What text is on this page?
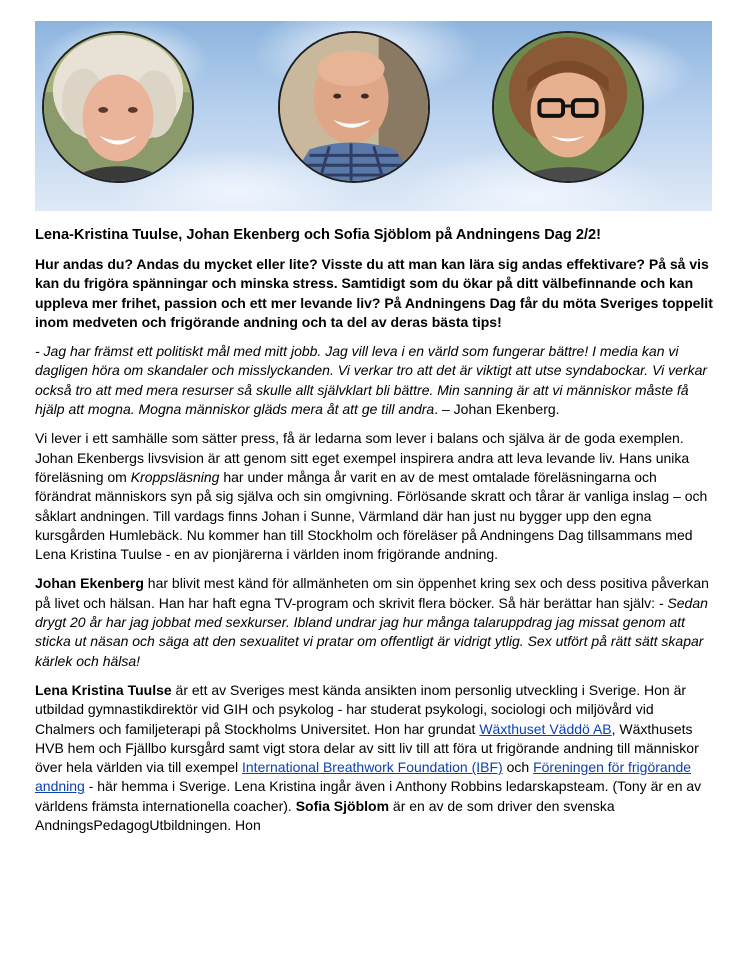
Lena-Kristina Tuulse, Johan Ekenberg och Sofia Sjöblom på Andningens Dag 2/2!

Hur andas du? Andas du mycket eller lite? Visste du att man kan lära sig andas effektivare? På så vis kan du frigöra spänningar och minska stress. Samtidigt som du ökar på ditt välbefinnande och kan uppleva mer frihet, passion och ett mer levande liv? På Andningens Dag får du möta Sveriges toppelit inom medveten och frigörande andning och ta del av deras bästa tips!

- Jag har främst ett politiskt mål med mitt jobb. Jag vill leva i en värld som fungerar bättre! I media kan vi dagligen höra om skandaler och misslyckanden. Vi verkar tro att det är viktigt att utse syndabockar. Vi verkar också tro att med mera resurser så skulle allt självklart bli bättre. Min sanning är att vi människor måste få hjälp att mogna. Mogna människor gläds mera åt att ge till andra. – Johan Ekenberg.

Vi lever i ett samhälle som sätter press, få är ledarna som lever i balans och själva är de goda exemplen. Johan Ekenbergs livsvision är att genom sitt eget exempel inspirera andra att leva levande liv. Hans unika föreläsning om Kroppsläsning har under många år varit en av de mest omtalade föreläsningarna och förändrat människors syn på sig själva och sin omgivning. Förlösande skratt och tårar är vanliga inslag – och såklart andningen. Till vardags finns Johan i Sunne, Värmland där han just nu bygger upp den egna kursgården Humlebäck. Nu kommer han till Stockholm och föreläser på Andningens Dag tillsammans med Lena Kristina Tuulse - en av pionjärerna i världen inom frigörande andning.

Johan Ekenberg har blivit mest känd för allmänheten om sin öppenhet kring sex och dess positiva påverkan på livet och hälsan. Han har haft egna TV-program och skrivit flera böcker. Så här berättar han själv: - Sedan drygt 20 år har jag jobbat med sexkurser. Ibland undrar jag hur många talaruppdrag jag missat genom att sticka ut näsan och säga att den sexualitet vi pratar om offentligt är vidrigt ytlig. Sex utfört på rätt sätt skapar kärlek och hälsa!

Lena Kristina Tuulse är ett av Sveriges mest kända ansikten inom personlig utveckling i Sverige. Hon är utbildad gymnastikdirektör vid GIH och psykolog - har studerat psykologi, sociologi och miljövård vid Chalmers och familjeterapi på Stockholms Universitet. Hon har grundat Wäxthuset Väddö AB, Wäxthusets HVB hem och Fjällbo kursgård samt vigt stora delar av sitt liv till att föra ut frigörande andning till människor över hela världen via till exempel International Breathwork Foundation (IBF) och Föreningen för frigörande andning - här hemma i Sverige. Lena Kristina ingår även i Anthony Robbins ledarskapsteam. (Tony är en av världens främsta internationella coacher). Sofia Sjöblom är en av de som driver den svenska AndningsPedagogUtbildningen. Hon
